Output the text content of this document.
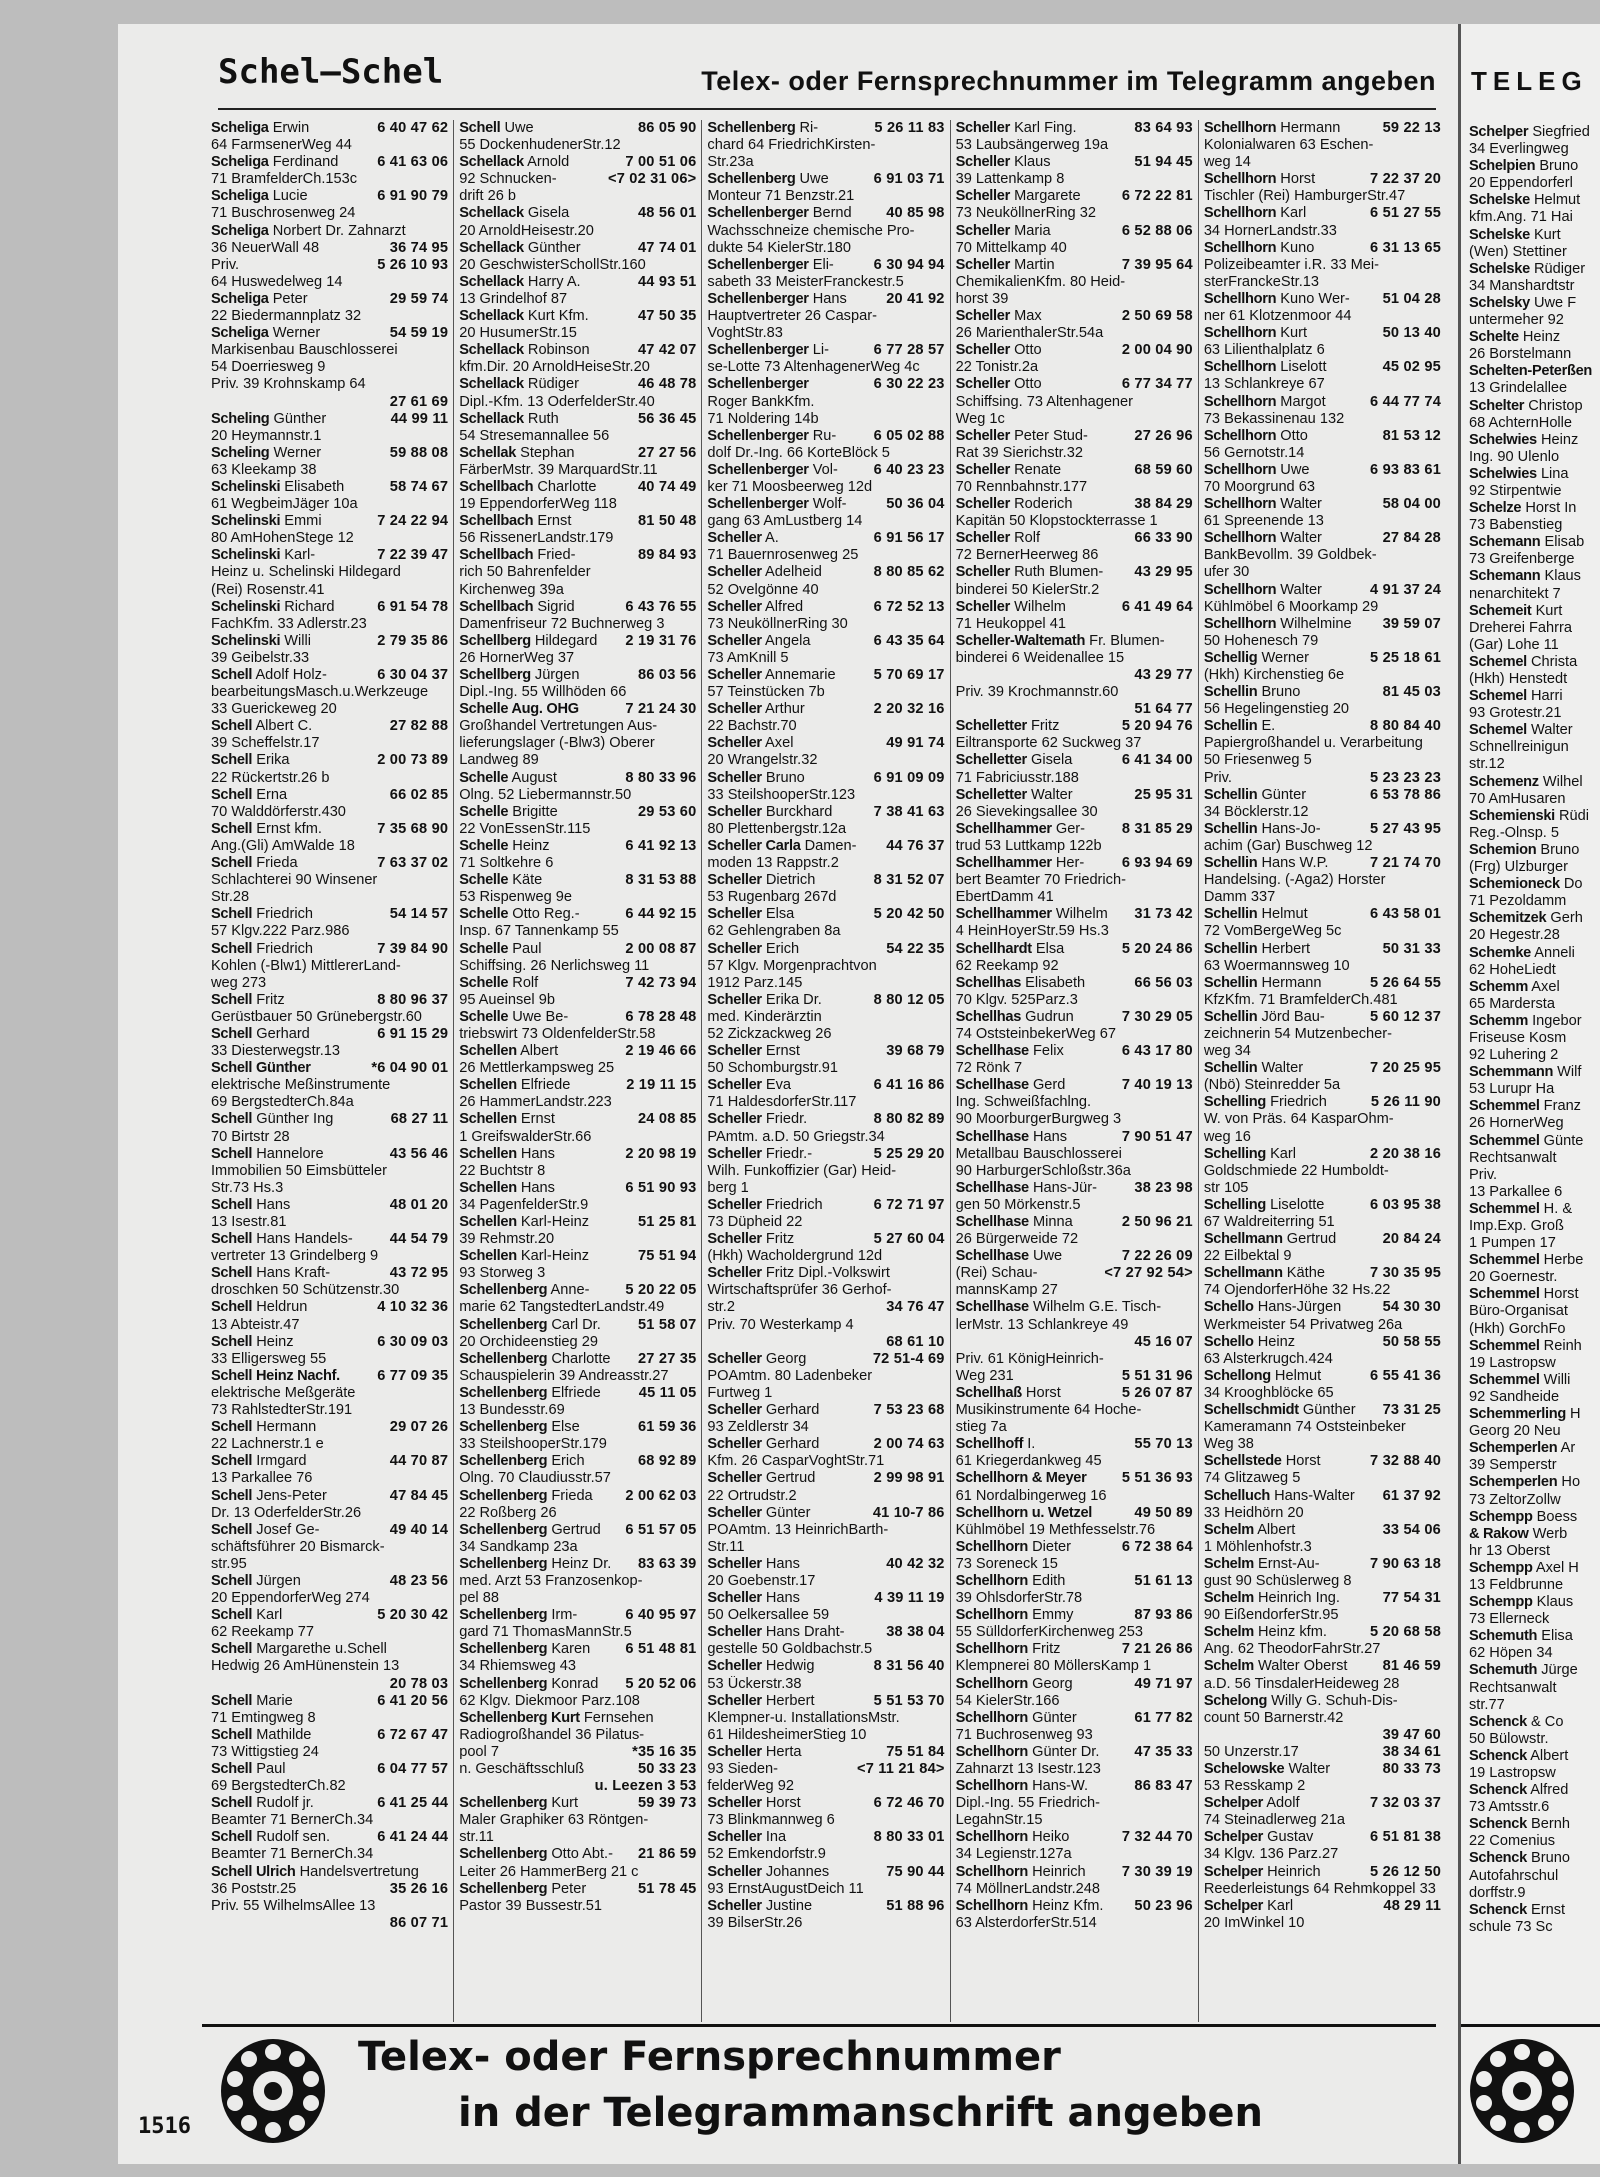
Schel–Schel	Telex- oder Fernsprechnummer im Telegramm angeben
6 40 47 62
Scheliga Erwin
64 FarmsenerWeg 44
6 41 63 06
Scheliga Ferdinand
71 BramfelderCh.153c
6 91 90 79
Scheliga Lucie
71 Buschrosenweg 24
Scheliga Norbert Dr. Zahnarzt
36 74 95
36 NeuerWall 48
5 26 10 93
Priv.
64 Huswedelweg 14
29 59 74
Scheliga Peter
22 Biedermannplatz 32
54 59 19
Scheliga Werner
Markisenbau Bauschlosserei
54 Doerriesweg 9
Priv. 39 Krohnskamp 64
27 61 69
44 99 11
Scheling Günther
20 Heymannstr.1
59 88 08
Scheling Werner
63 Kleekamp 38
58 74 67
Schelinski Elisabeth
61 WegbeimJäger 10a
7 24 22 94
Schelinski Emmi
80 AmHohenStege 12
7 22 39 47
Schelinski Karl-
Heinz u. Schelinski Hildegard
(Rei) Rosenstr.41
6 91 54 78
Schelinski Richard
FachKfm. 33 Adlerstr.23
2 79 35 86
Schelinski Willi
39 Geibelstr.33
6 30 04 37
Schell Adolf Holz-
bearbeitungsMasch.u.Werkzeuge
33 Guerickeweg 20
27 82 88
Schell Albert C.
39 Scheffelstr.17
2 00 73 89
Schell Erika
22 Rückertstr.26 b
66 02 85
Schell Erna
70 Walddörferstr.430
7 35 68 90
Schell Ernst kfm.
Ang.(Gli) AmWalde 18
7 63 37 02
Schell Frieda
Schlachterei 90 Winsener
Str.28
54 14 57
Schell Friedrich
57 Klgv.222 Parz.986
7 39 84 90
Schell Friedrich
Kohlen (-Blw1) MittlererLand-
weg 273
8 80 96 37
Schell Fritz
Gerüstbauer 50 Grünebergstr.60
6 91 15 29
Schell Gerhard
33 Diesterwegstr.13
*6 04 90 01
Schell Günther
elektrische Meßinstrumente
69 BergstedterCh.84a
68 27 11
Schell Günther Ing
70 Birtstr 28
43 56 46
Schell Hannelore
Immobilien 50 Eimsbütteler
Str.73 Hs.3
48 01 20
Schell Hans
13 Isestr.81
44 54 79
Schell Hans Handels-
vertreter 13 Grindelberg 9
43 72 95
Schell Hans Kraft-
droschken 50 Schützenstr.30
4 10 32 36
Schell Heldrun
13 Abteistr.47
6 30 09 03
Schell Heinz
33 Elligersweg 55
6 77 09 35
Schell Heinz Nachf.
elektrische Meßgeräte
73 RahlstedterStr.191
29 07 26
Schell Hermann
22 Lachnerstr.1 e
44 70 87
Schell Irmgard
13 Parkallee 76
47 84 45
Schell Jens-Peter
Dr. 13 OderfelderStr.26
49 40 14
Schell Josef Ge-
schäftsführer 20 Bismarck-
str.95
48 23 56
Schell Jürgen
20 EppendorferWeg 274
5 20 30 42
Schell Karl
62 Reekamp 77
Schell Margarethe u.Schell
Hedwig 26 AmHünenstein 13
20 78 03
6 41 20 56
Schell Marie
71 Emtingweg 8
6 72 67 47
Schell Mathilde
73 Wittigstieg 24
6 04 77 57
Schell Paul
69 BergstedterCh.82
6 41 25 44
Schell Rudolf jr.
Beamter 71 BernerCh.34
6 41 24 44
Schell Rudolf sen.
Beamter 71 BernerCh.34
Schell Ulrich Handelsvertretung
35 26 16
36 Poststr.25
Priv. 55 WilhelmsAllee 13
86 07 71
86 05 90
Schell Uwe
55 DockenhudenerStr.12
7 00 51 06
Schellack Arnold
<7 02 31 06>
92 Schnucken-
drift 26 b
48 56 01
Schellack Gisela
20 ArnoldHeisestr.20
47 74 01
Schellack Günther
20 GeschwisterSchollStr.160
44 93 51
Schellack Harry A.
13 Grindelhof 87
47 50 35
Schellack Kurt Kfm.
20 HusumerStr.15
47 42 07
Schellack Robinson
kfm.Dir. 20 ArnoldHeiseStr.20
46 48 78
Schellack Rüdiger
Dipl.-Kfm. 13 OderfelderStr.40
56 36 45
Schellack Ruth
54 Stresemannallee 56
27 27 56
Schellak Stephan
FärberMstr. 39 MarquardStr.11
40 74 49
Schellbach Charlotte
19 EppendorferWeg 118
81 50 48
Schellbach Ernst
56 RissenerLandstr.179
89 84 93
Schellbach Fried-
rich 50 Bahrenfelder
Kirchenweg 39a
6 43 76 55
Schellbach Sigrid
Damenfriseur 72 Buchnerweg 3
2 19 31 76
Schellberg Hildegard
26 HornerWeg 37
86 03 56
Schellberg Jürgen
Dipl.-Ing. 55 Willhöden 66
7 21 24 30
Schelle Aug. OHG
Großhandel Vertretungen Aus-
lieferungslager (-Blw3) Oberer
Landweg 89
8 80 33 96
Schelle August
Olng. 52 Liebermannstr.50
29 53 60
Schelle Brigitte
22 VonEssenStr.115
6 41 92 13
Schelle Heinz
71 Soltkehre 6
8 31 53 88
Schelle Käte
53 Rispenweg 9e
6 44 92 15
Schelle Otto Reg.-
Insp. 67 Tannenkamp 55
2 00 08 87
Schelle Paul
Schiffsing. 26 Nerlichsweg 11
7 42 73 94
Schelle Rolf
95 Aueinsel 9b
6 78 28 48
Schelle Uwe Be-
triebswirt 73 OldenfelderStr.58
2 19 46 66
Schellen Albert
26 Mettlerkampsweg 25
2 19 11 15
Schellen Elfriede
26 HammerLandstr.223
24 08 85
Schellen Ernst
1 GreifswalderStr.66
2 20 98 19
Schellen Hans
22 Buchtstr 8
6 51 90 93
Schellen Hans
34 PagenfelderStr.9
51 25 81
Schellen Karl-Heinz
39 Rehmstr.20
75 51 94
Schellen Karl-Heinz
93 Storweg 3
5 20 22 05
Schellenberg Anne-
marie 62 TangstedterLandstr.49
51 58 07
Schellenberg Carl Dr.
20 Orchideenstieg 29
27 27 35
Schellenberg Charlotte
Schauspielerin 39 Andreasstr.27
45 11 05
Schellenberg Elfriede
13 Bundesstr.69
61 59 36
Schellenberg Else
33 SteilshooperStr.179
68 92 89
Schellenberg Erich
Olng. 70 Claudiusstr.57
2 00 62 03
Schellenberg Frieda
22 Roßberg 26
6 51 57 05
Schellenberg Gertrud
34 Sandkamp 23a
83 63 39
Schellenberg Heinz Dr.
med. Arzt 53 Franzosenkop-
pel 88
6 40 95 97
Schellenberg Irm-
gard 71 ThomasMannStr.5
6 51 48 81
Schellenberg Karen
34 Rhiemsweg 43
5 20 52 06
Schellenberg Konrad
62 Klgv. Diekmoor Parz.108
Schellenberg Kurt Fernsehen
Radiogroßhandel 36 Pilatus-
*35 16 35
pool 7
50 33 23
n. Geschäftsschluß
u. Leezen 3 53
59 39 73
Schellenberg Kurt
Maler Graphiker 63 Röntgen-
str.11
21 86 59
Schellenberg Otto Abt.-
Leiter 26 HammerBerg 21 c
51 78 45
Schellenberg Peter
Pastor 39 Bussestr.51
5 26 11 83
Schellenberg Ri-
chard 64 FriedrichKirsten-
Str.23a
6 91 03 71
Schellenberg Uwe
Monteur 71 Benzstr.21
40 85 98
Schellenberger Bernd
Wachsschneize chemische Pro-
dukte 54 KielerStr.180
6 30 94 94
Schellenberger Eli-
sabeth 33 MeisterFranckestr.5
20 41 92
Schellenberger Hans
Hauptvertreter 26 Caspar-
VoghtStr.83
6 77 28 57
Schellenberger Li-
se-Lotte 73 AltenhagenerWeg 4c
6 30 22 23
Schellenberger
Roger BankKfm.
71 Noldering 14b
6 05 02 88
Schellenberger Ru-
dolf Dr.-Ing. 66 KorteBlöck 5
6 40 23 23
Schellenberger Vol-
ker 71 Moosbeerweg 12d
50 36 04
Schellenberger Wolf-
gang 63 AmLustberg 14
6 91 56 17
Scheller A.
71 Bauernrosenweg 25
8 80 85 62
Scheller Adelheid
52 Ovelgönne 40
6 72 52 13
Scheller Alfred
73 NeuköllnerRing 30
6 43 35 64
Scheller Angela
73 AmKnill 5
5 70 69 17
Scheller Annemarie
57 Teinstücken 7b
2 20 32 16
Scheller Arthur
22 Bachstr.70
49 91 74
Scheller Axel
20 Wrangelstr.32
6 91 09 09
Scheller Bruno
33 SteilshooperStr.123
7 38 41 63
Scheller Burckhard
80 Plettenbergstr.12a
44 76 37
Scheller Carla Damen-
moden 13 Rappstr.2
8 31 52 07
Scheller Dietrich
53 Rugenbarg 267d
5 20 42 50
Scheller Elsa
62 Gehlengraben 8a
54 22 35
Scheller Erich
57 Klgv. Morgenprachtvon
1912 Parz.145
8 80 12 05
Scheller Erika Dr.
med. Kinderärztin
52 Zickzackweg 26
39 68 79
Scheller Ernst
50 Schomburgstr.91
6 41 16 86
Scheller Eva
71 HaldesdorferStr.117
8 80 82 89
Scheller Friedr.
PAmtm. a.D. 50 Griegstr.34
5 25 29 20
Scheller Friedr.-
Wilh. Funkoffizier (Gar) Heid-
berg 1
6 72 71 97
Scheller Friedrich
73 Düpheid 22
5 27 60 04
Scheller Fritz
(Hkh) Wacholdergrund 12d
Scheller Fritz Dipl.-Volkswirt
Wirtschaftsprüfer 36 Gerhof-
34 76 47
str.2
Priv. 70 Westerkamp 4
68 61 10
72 51-4 69
Scheller Georg
POAmtm. 80 Ladenbeker
Furtweg 1
7 53 23 68
Scheller Gerhard
93 Zeldlerstr 34
2 00 74 63
Scheller Gerhard
Kfm. 26 CasparVoghtStr.71
2 99 98 91
Scheller Gertrud
22 Ortrudstr.2
41 10-7 86
Scheller Günter
POAmtm. 13 HeinrichBarth-
Str.11
40 42 32
Scheller Hans
20 Goebenstr.17
4 39 11 19
Scheller Hans
50 Oelkersallee 59
38 38 04
Scheller Hans Draht-
gestelle 50 Goldbachstr.5
8 31 56 40
Scheller Hedwig
53 Ückerstr.38
5 51 53 70
Scheller Herbert
Klempner-u. InstallationsMstr.
61 HildesheimerStieg 10
75 51 84
Scheller Herta
<7 11 21 84>
93 Sieden-
felderWeg 92
6 72 46 70
Scheller Horst
73 Blinkmannweg 6
8 80 33 01
Scheller Ina
52 Emkendorfstr.9
75 90 44
Scheller Johannes
93 ErnstAugustDeich 11
51 88 96
Scheller Justine
39 BilserStr.26
83 64 93
Scheller Karl Fing.
53 Laubsängerweg 19a
51 94 45
Scheller Klaus
39 Lattenkamp 8
6 72 22 81
Scheller Margarete
73 NeuköllnerRing 32
6 52 88 06
Scheller Maria
70 Mittelkamp 40
7 39 95 64
Scheller Martin
ChemikalienKfm. 80 Heid-
horst 39
2 50 69 58
Scheller Max
26 MarienthalerStr.54a
2 00 04 90
Scheller Otto
22 Tonistr.2a
6 77 34 77
Scheller Otto
Schiffsing. 73 Altenhagener
Weg 1c
27 26 96
Scheller Peter Stud-
Rat 39 Sierichstr.32
68 59 60
Scheller Renate
70 Rennbahnstr.177
38 84 29
Scheller Roderich
Kapitän 50 Klopstockterrasse 1
66 33 90
Scheller Rolf
72 BernerHeerweg 86
43 29 95
Scheller Ruth Blumen-
binderei 50 KielerStr.2
6 41 49 64
Scheller Wilhelm
71 Heukoppel 41
Scheller-Waltemath Fr. Blumen-
binderei 6 Weidenallee 15
43 29 77
Priv. 39 Krochmannstr.60
51 64 77
5 20 94 76
Schelletter Fritz
Eiltransporte 62 Suckweg 37
6 41 34 00
Schelletter Gisela
71 Fabriciusstr.188
25 95 31
Schelletter Walter
26 Sievekingsallee 30
8 31 85 29
Schellhammer Ger-
trud 53 Luttkamp 122b
6 93 94 69
Schellhammer Her-
bert Beamter 70 Friedrich-
EbertDamm 41
31 73 42
Schellhammer Wilhelm
4 HeinHoyerStr.59 Hs.3
5 20 24 86
Schellhardt Elsa
62 Reekamp 92
66 56 03
Schellhas Elisabeth
70 Klgv. 525Parz.3
7 30 29 05
Schellhas Gudrun
74 OststeinbekerWeg 67
6 43 17 80
Schellhase Felix
72 Rönk 7
7 40 19 13
Schellhase Gerd
Ing. Schweißfachlng.
90 MoorburgerBurgweg 3
7 90 51 47
Schellhase Hans
Metallbau Bauschlosserei
90 HarburgerSchloßstr.36a
38 23 98
Schellhase Hans-Jür-
gen 50 Mörkenstr.5
2 50 96 21
Schellhase Minna
26 Bürgerweide 72
7 22 26 09
Schellhase Uwe
<7 27 92 54>
(Rei) Schau-
mannsKamp 27
Schellhase Wilhelm G.E. Tisch-
lerMstr. 13 Schlankreye 49
45 16 07
Priv. 61 KönigHeinrich-
5 51 31 96
Weg 231
5 26 07 87
Schellhaß Horst
Musikinstrumente 64 Hoche-
stieg 7a
55 70 13
Schellhoff I.
61 Kriegerdankweg 45
5 51 36 93
Schellhorn & Meyer
61 Nordalbingerweg 16
49 50 89
Schellhorn u. Wetzel
Kühlmöbel 19 Methfesselstr.76
6 72 38 64
Schellhorn Dieter
73 Soreneck 15
51 61 13
Schellhorn Edith
39 OhlsdorferStr.78
87 93 86
Schellhorn Emmy
55 SülldorferKirchenweg 253
7 21 26 86
Schellhorn Fritz
Klempnerei 80 MöllersKamp 1
49 71 97
Schellhorn Georg
54 KielerStr.166
61 77 82
Schellhorn Günter
71 Buchrosenweg 93
47 35 33
Schellhorn Günter Dr.
Zahnarzt 13 Isestr.123
86 83 47
Schellhorn Hans-W.
Dipl.-Ing. 55 Friedrich-
LegahnStr.15
7 32 44 70
Schellhorn Heiko
34 Legienstr.127a
7 30 39 19
Schellhorn Heinrich
74 MöllnerLandstr.248
50 23 96
Schellhorn Heinz Kfm.
63 AlsterdorferStr.514
59 22 13
Schellhorn Hermann
Kolonialwaren 63 Eschen-
weg 14
7 22 37 20
Schellhorn Horst
Tischler (Rei) HamburgerStr.47
6 51 27 55
Schellhorn Karl
34 HornerLandstr.33
6 31 13 65
Schellhorn Kuno
Polizeibeamter i.R. 33 Mei-
sterFranckeStr.13
51 04 28
Schellhorn Kuno Wer-
ner 61 Klotzenmoor 44
50 13 40
Schellhorn Kurt
63 Lilienthalplatz 6
45 02 95
Schellhorn Liselott
13 Schlankreye 67
6 44 77 74
Schellhorn Margot
73 Bekassinenau 132
81 53 12
Schellhorn Otto
56 Gernotstr.14
6 93 83 61
Schellhorn Uwe
70 Moorgrund 63
58 04 00
Schellhorn Walter
61 Spreenende 13
27 84 28
Schellhorn Walter
BankBevollm. 39 Goldbek-
ufer 30
4 91 37 24
Schellhorn Walter
Kühlmöbel 6 Moorkamp 29
39 59 07
Schellhorn Wilhelmine
50 Hohenesch 79
5 25 18 61
Schellig Werner
(Hkh) Kirchenstieg 6e
81 45 03
Schellin Bruno
56 Hegelingenstieg 20
8 80 84 40
Schellin E.
Papiergroßhandel u. Verarbeitung
50 Friesenweg 5
5 23 23 23
Priv.
6 53 78 86
Schellin Günter
34 Böcklerstr.12
5 27 43 95
Schellin Hans-Jo-
achim (Gar) Buschweg 12
7 21 74 70
Schellin Hans W.P.
Handelsing. (-Aga2) Horster
Damm 337
6 43 58 01
Schellin Helmut
72 VomBergeWeg 5c
50 31 33
Schellin Herbert
63 Woermannsweg 10
5 26 64 55
Schellin Hermann
KfzKfm. 71 BramfelderCh.481
5 60 12 37
Schellin Jörd Bau-
zeichnerin 54 Mutzenbecher-
weg 34
7 20 25 95
Schellin Walter
(Nbö) Steinredder 5a
5 26 11 90
Schelling Friedrich
W. von Präs. 64 KasparOhm-
weg 16
2 20 38 16
Schelling Karl
Goldschmiede 22 Humboldt-
str 105
6 03 95 38
Schelling Liselotte
67 Waldreiterring 51
20 84 24
Schellmann Gertrud
22 Eilbektal 9
7 30 35 95
Schellmann Käthe
74 OjendorferHöhe 32 Hs.22
54 30 30
Schello Hans-Jürgen
Werkmeister 54 Privatweg 26a
50 58 55
Schello Heinz
63 Alsterkrugch.424
6 55 41 36
Schellong Helmut
34 Krooghblöcke 65
73 31 25
Schellschmidt Günther
Kameramann 74 Oststeinbeker
Weg 38
7 32 88 40
Schellstede Horst
74 Glitzaweg 5
61 37 92
Schelluch Hans-Walter
33 Heidhörn 20
33 54 06
Schelm Albert
1 Möhlenhofstr.3
7 90 63 18
Schelm Ernst-Au-
gust 90 Schüslerweg 8
77 54 31
Schelm Heinrich Ing.
90 EißendorferStr.95
5 20 68 58
Schelm Heinz kfm.
Ang. 62 TheodorFahrStr.27
81 46 59
Schelm Walter Oberst
a.D. 56 TinsdalerHeideweg 28
Schelong Willy G. Schuh-Dis-
count 50 Barnerstr.42
39 47 60
38 34 61
50 Unzerstr.17
80 33 73
Schelowske Walter
53 Resskamp 2
7 32 03 37
Schelper Adolf
74 Steinadlerweg 21a
6 51 81 38
Schelper Gustav
34 Klgv. 136 Parz.27
5 26 12 50
Schelper Heinrich
Reederleistungs 64 Rehmkoppel 33
48 29 11
Schelper Karl
20 ImWinkel 10
Telex- oder Fernsprechnummer
in der Telegrammanschrift angeben
1516
TELEG
Schelper Siegfried
34 Everlingweg
Schelpien Bruno
20 Eppendorferl
Schelske Helmut
kfm.Ang. 71 Hai
Schelske Kurt
(Wen) Stettiner
Schelske Rüdiger
34 Manshardtstr
Schelsky Uwe F
untermeher 92
Schelte Heinz
26 Borstelmann
Schelten-Peterßen
13 Grindelallee
Schelter Christop
68 AchternHolle
Schelwies Heinz
Ing. 90 Ulenlo
Schelwies Lina
92 Stirpentwie
Schelze Horst In
73 Babenstieg
Schemann Elisab
73 Greifenberge
Schemann Klaus
nenarchitekt 7
Schemeit Kurt
Dreherei Fahrra
(Gar) Lohe 11
Schemel Christa
(Hkh) Henstedt
Schemel Harri
93 Grotestr.21
Schemel Walter
Schnellreinigun
str.12
Schemenz Wilhel
70 AmHusaren
Schemienski Rüdi
Reg.-Olnsp. 5
Schemion Bruno
(Frg) Ulzburger
Schemioneck Do
71 Pezoldamm
Schemitzek Gerh
20 Hegestr.28
Schemke Anneli
62 HoheLiedt
Schemm Axel
65 Mardersta
Schemm Ingebor
Friseuse Kosm
92 Luhering 2
Schemmann Wilf
53 Lurupr Ha
Schemmel Franz
26 HornerWeg
Schemmel Günte
Rechtsanwalt
Priv.
13 Parkallee 6
Schemmel H. &
Imp.Exp. Groß
1 Pumpen 17
Schemmel Herbe
20 Goernestr.
Schemmel Horst
Büro-Organisat
(Hkh) GorchFo
Schemmel Reinh
19 Lastropsw
Schemmel Willi
92 Sandheide
Schemmerling H
Georg 20 Neu
Schemperlen Ar
39 Semperstr
Schemperlen Ho
73 ZeltorZollw
Schempp Boess
& Rakow Werb
hr 13 Oberst
Schempp Axel H
13 Feldbrunne
Schempp Klaus
73 Ellerneck
Schemuth Elisa
62 Höpen 34
Schemuth Jürge
Rechtsanwalt
str.77
Schenck & Co
50 Bülowstr.
Schenck Albert
19 Lastropsw
Schenck Alfred
73 Amtsstr.6
Schenck Bernh
22 Comenius
Schenck Bruno
Autofahrschul
dorffstr.9
Schenck Ernst
schule 73 Sc
